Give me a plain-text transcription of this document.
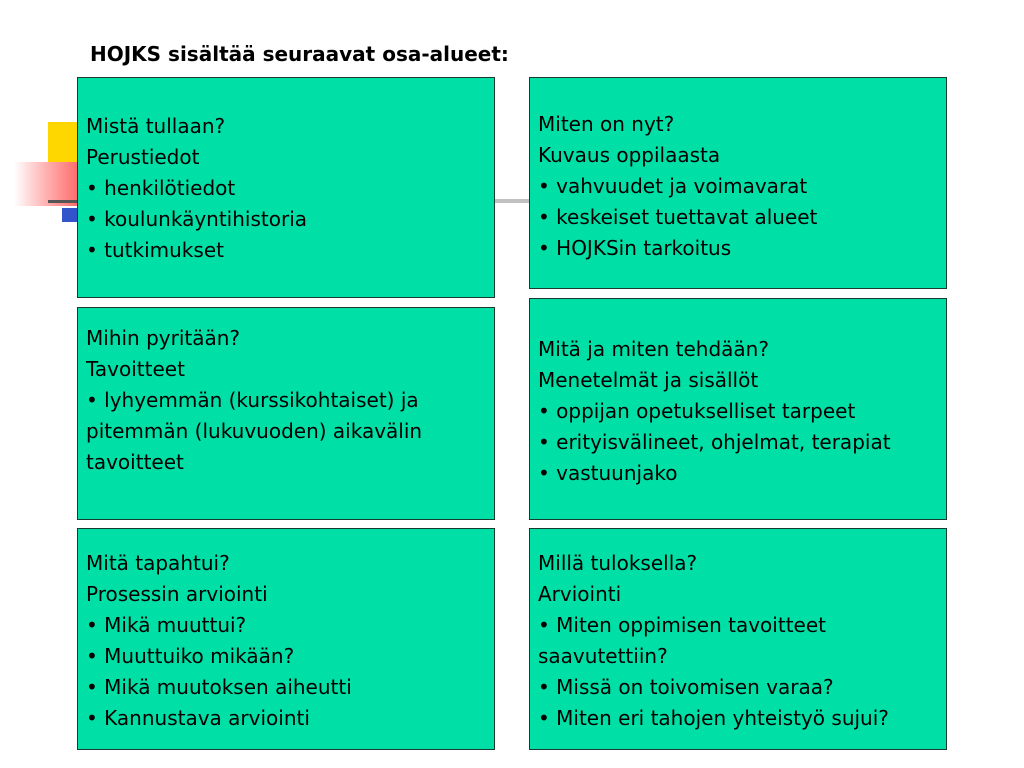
HOJKS sisältää seuraavat osa-alueet:
Mistä tullaan?
Perustiedot
• henkilötiedot
• koulunkäyntihistoria
• tutkimukset
Miten on nyt?
Kuvaus oppilaasta
• vahvuudet ja voimavarat
• keskeiset tuettavat alueet
• HOJKSin tarkoitus
Mihin pyritään?
Tavoitteet
• lyhyemmän (kurssikohtaiset) ja pitemmän (lukuvuoden) aikavälin tavoitteet
Mitä ja miten tehdään?
Menetelmät ja sisällöt
• oppijan opetukselliset tarpeet
• erityisvälineet, ohjelmat, terapiat
• vastuunjako
Mitä tapahtui?
Prosessin arviointi
• Mikä muuttui?
• Muuttuiko mikään?
• Mikä muutoksen aiheutti
• Kannustava arviointi
Millä tuloksella?
Arviointi
• Miten oppimisen tavoitteet saavutettiin?
• Missä on toivomisen varaa?
• Miten eri tahojen yhteistyö sujui?
